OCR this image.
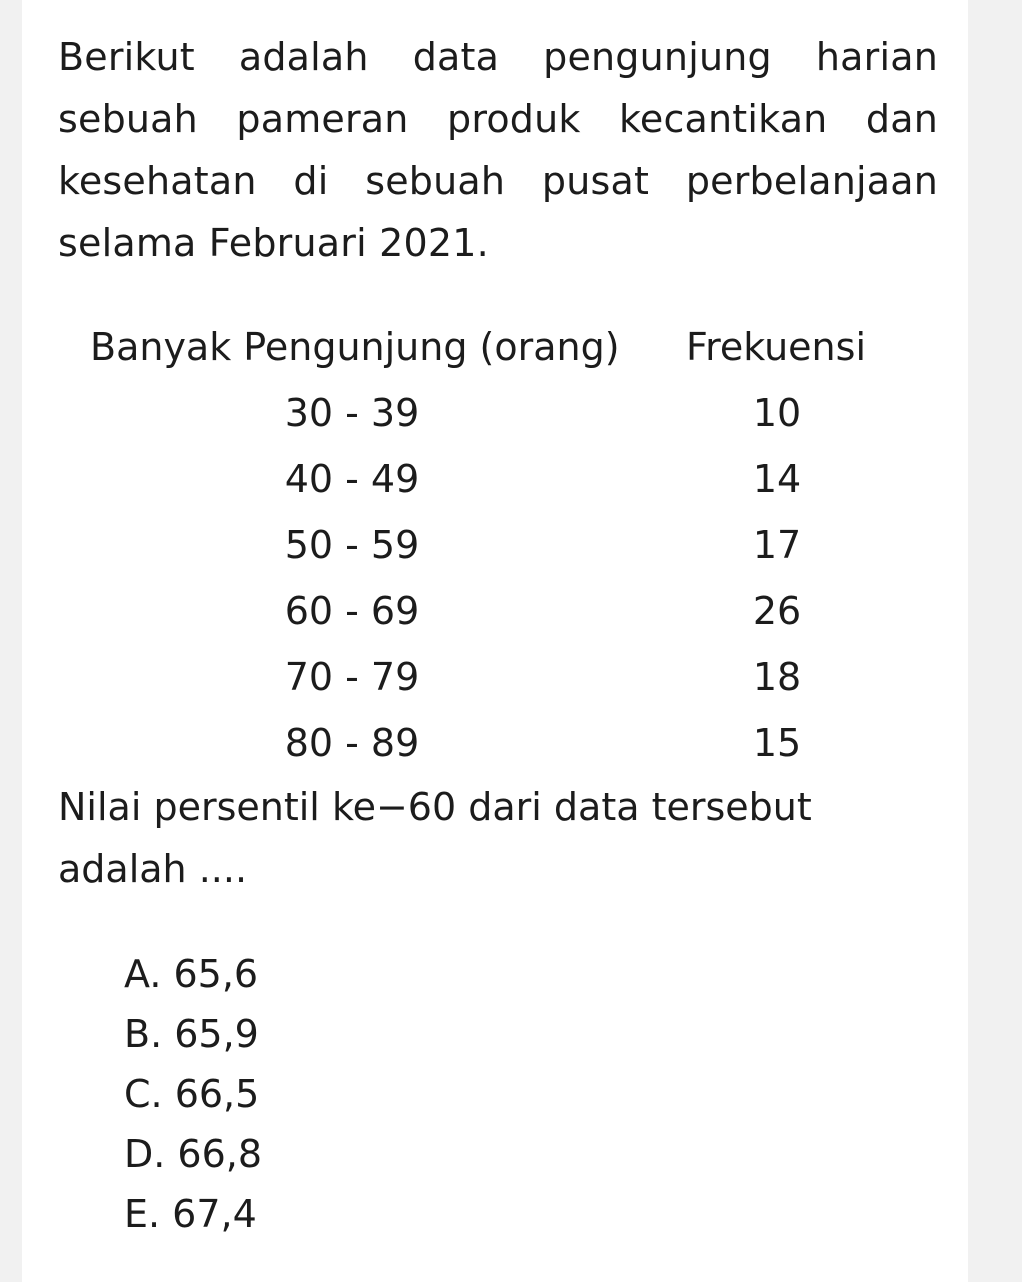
Berikut adalah data pengunjung harian sebuah pameran produk kecantikan dan kesehatan di sebuah pusat perbelanjaan selama Februari 2021.

Banyak Pengunjung (orang) Frekuensi
30 - 39	10
40 - 49	14
50 - 59	17
60 - 69	26
70 - 79	18
80 - 89	15

Nilai persentil ke−60 dari data tersebut adalah ....

A. 65,6
B. 65,9
C. 66,5
D. 66,8
E. 67,4
